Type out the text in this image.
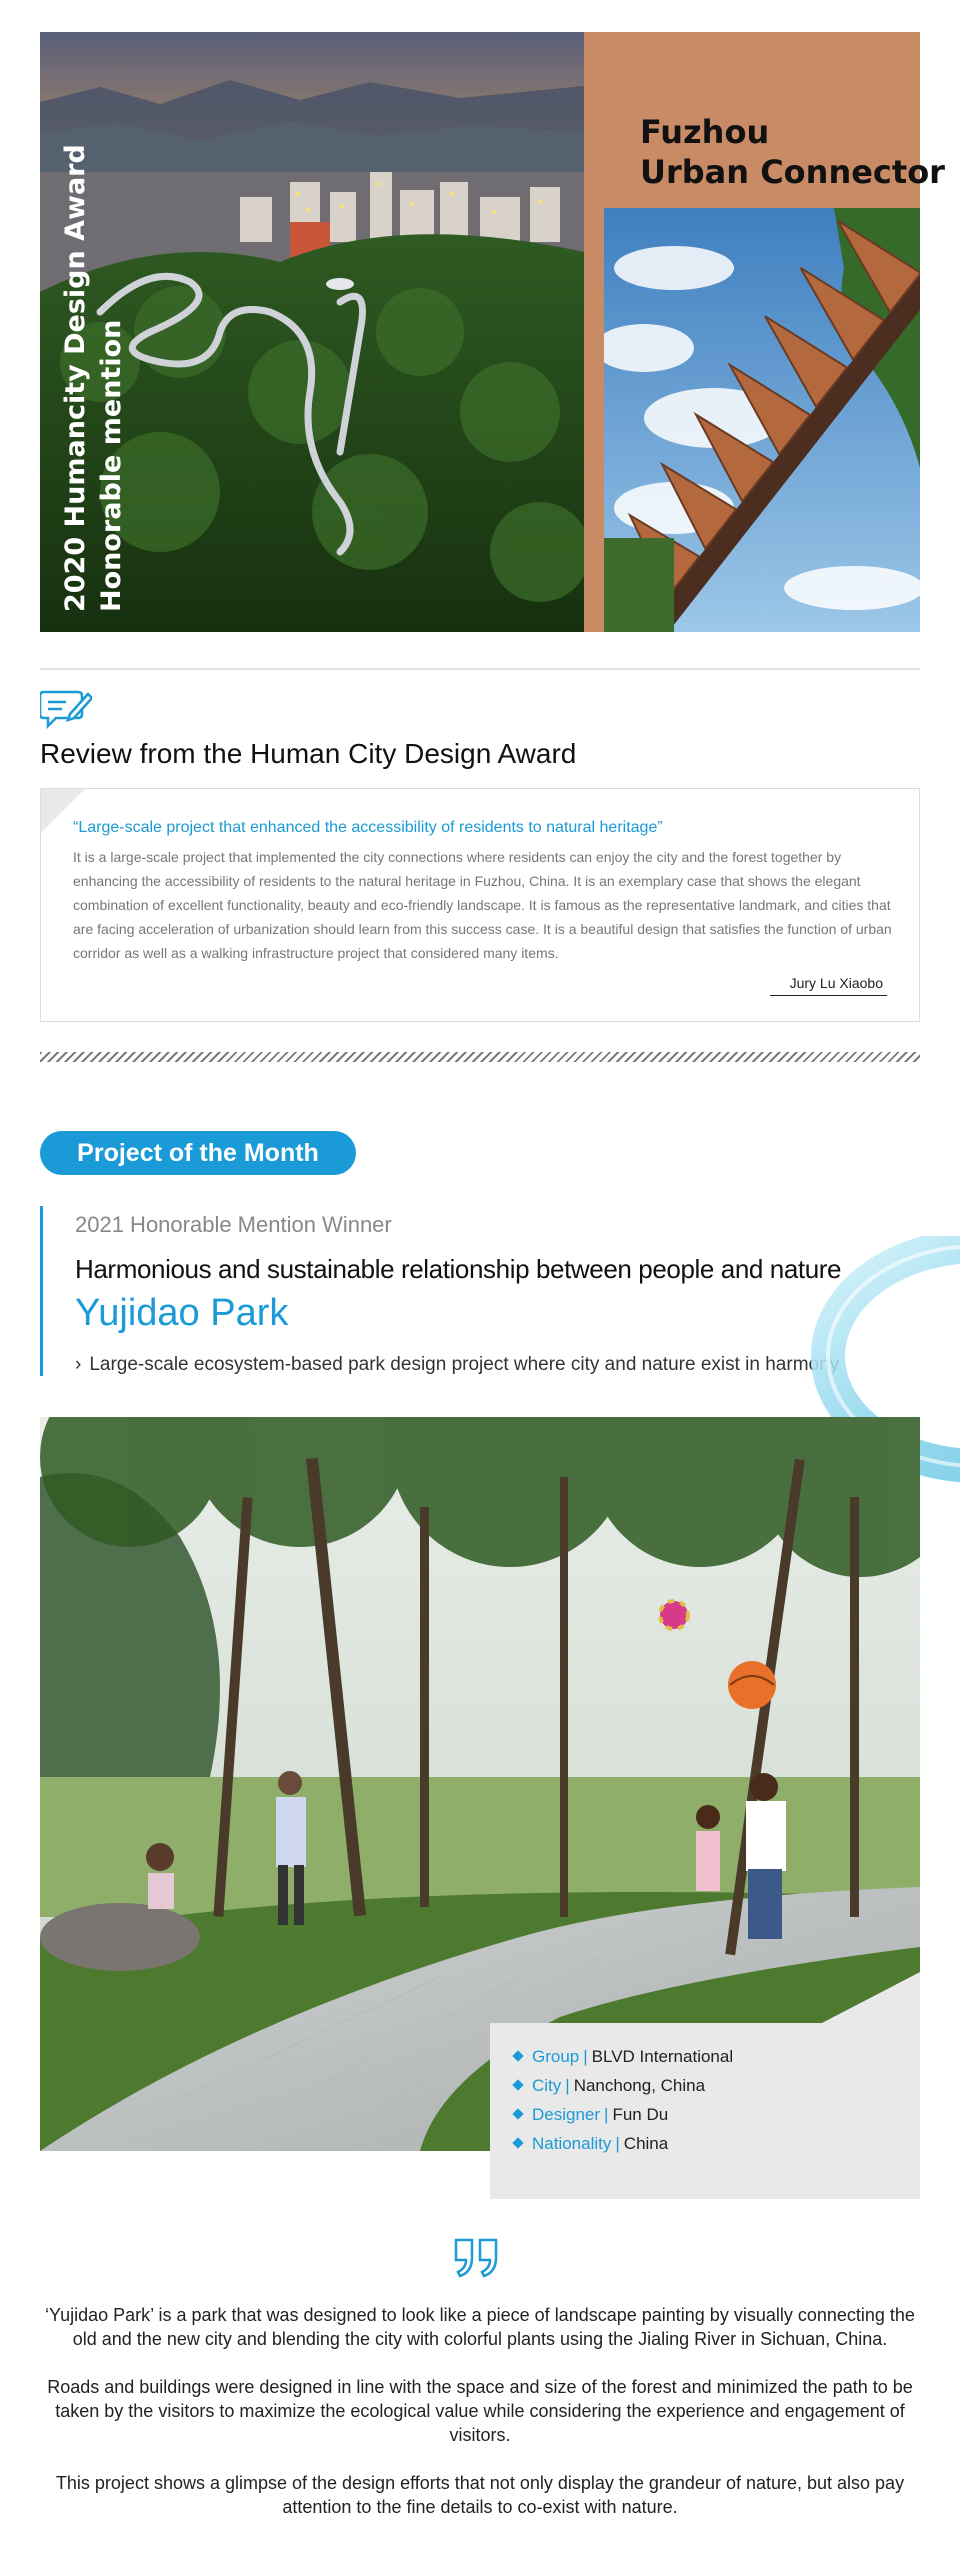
Fuzhou
Urban Connector
2020 Humancity Design Award Honorable mention
Review from the Human City Design Award
“Large-scale project that enhanced the accessibility of residents to natural heritage”
It is a large-scale project that implemented the city connections where residents can enjoy the city and the forest together by enhancing the accessibility of residents to the natural heritage in Fuzhou, China. It is an exemplary case that shows the elegant combination of excellent functionality, beauty and eco-friendly landscape. It is famous as the representative landmark, and cities that are facing acceleration of urbanization should learn from this success case. It is a beautiful design that satisfies the function of urban corridor as well as a walking infrastructure project that considered many items.
Jury Lu Xiaobo
Project of the Month
2021 Honorable Mention Winner
Harmonious and sustainable relationship between people and nature
Yujidao Park
› Large-scale ecosystem-based park design project where city and nature exist in harmony
Group | BLVD International
City | Nanchong, China
Designer | Fun Du
Nationality | China

‘Yujidao Park’ is a park that was designed to look like a piece of landscape painting by visually connecting the old and the new city and blending the city with colorful plants using the Jialing River in Sichuan, China.

Roads and buildings were designed in line with the space and size of the forest and minimized the path to be taken by the visitors to maximize the ecological value while considering the experience and engagement of visitors.

This project shows a glimpse of the design efforts that not only display the grandeur of nature, but also pay attention to the fine details to co-exist with nature.
